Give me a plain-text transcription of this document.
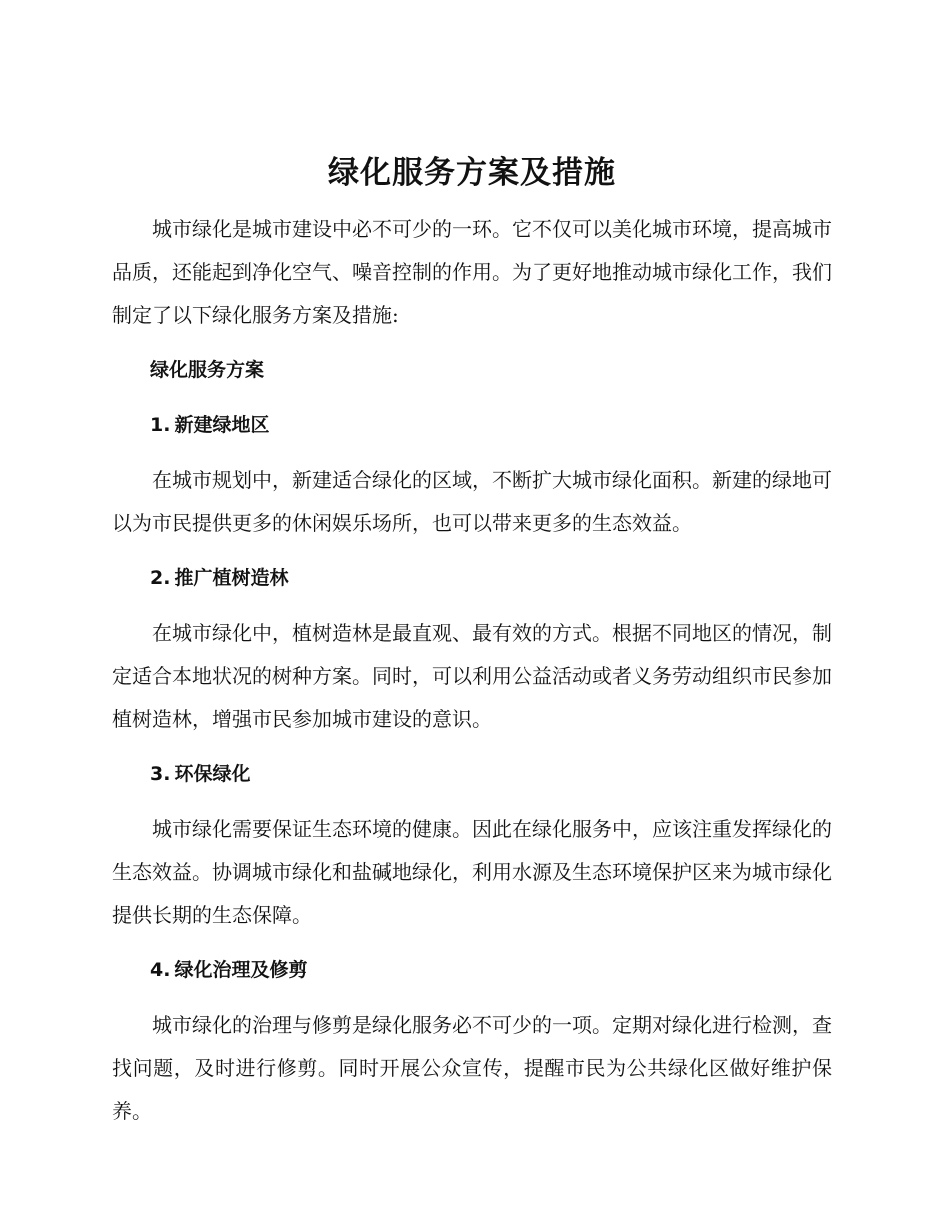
绿化服务方案及措施

城市绿化是城市建设中必不可少的一环。它不仅可以美化城市环境，提高城市品质，还能起到净化空气、噪音控制的作用。为了更好地推动城市绿化工作，我们制定了以下绿化服务方案及措施:

绿化服务方案
1. 新建绿地区

在城市规划中，新建适合绿化的区域，不断扩大城市绿化面积。新建的绿地可以为市民提供更多的休闲娱乐场所，也可以带来更多的生态效益。

2. 推广植树造林

在城市绿化中，植树造林是最直观、最有效的方式。根据不同地区的情况，制定适合本地状况的树种方案。同时，可以利用公益活动或者义务劳动组织市民参加植树造林，增强市民参加城市建设的意识。

3. 环保绿化

城市绿化需要保证生态环境的健康。因此在绿化服务中，应该注重发挥绿化的生态效益。协调城市绿化和盐碱地绿化，利用水源及生态环境保护区来为城市绿化提供长期的生态保障。

4. 绿化治理及修剪

城市绿化的治理与修剪是绿化服务必不可少的一项。定期对绿化进行检测，查找问题，及时进行修剪。同时开展公众宣传，提醒市民为公共绿化区做好维护保养。
